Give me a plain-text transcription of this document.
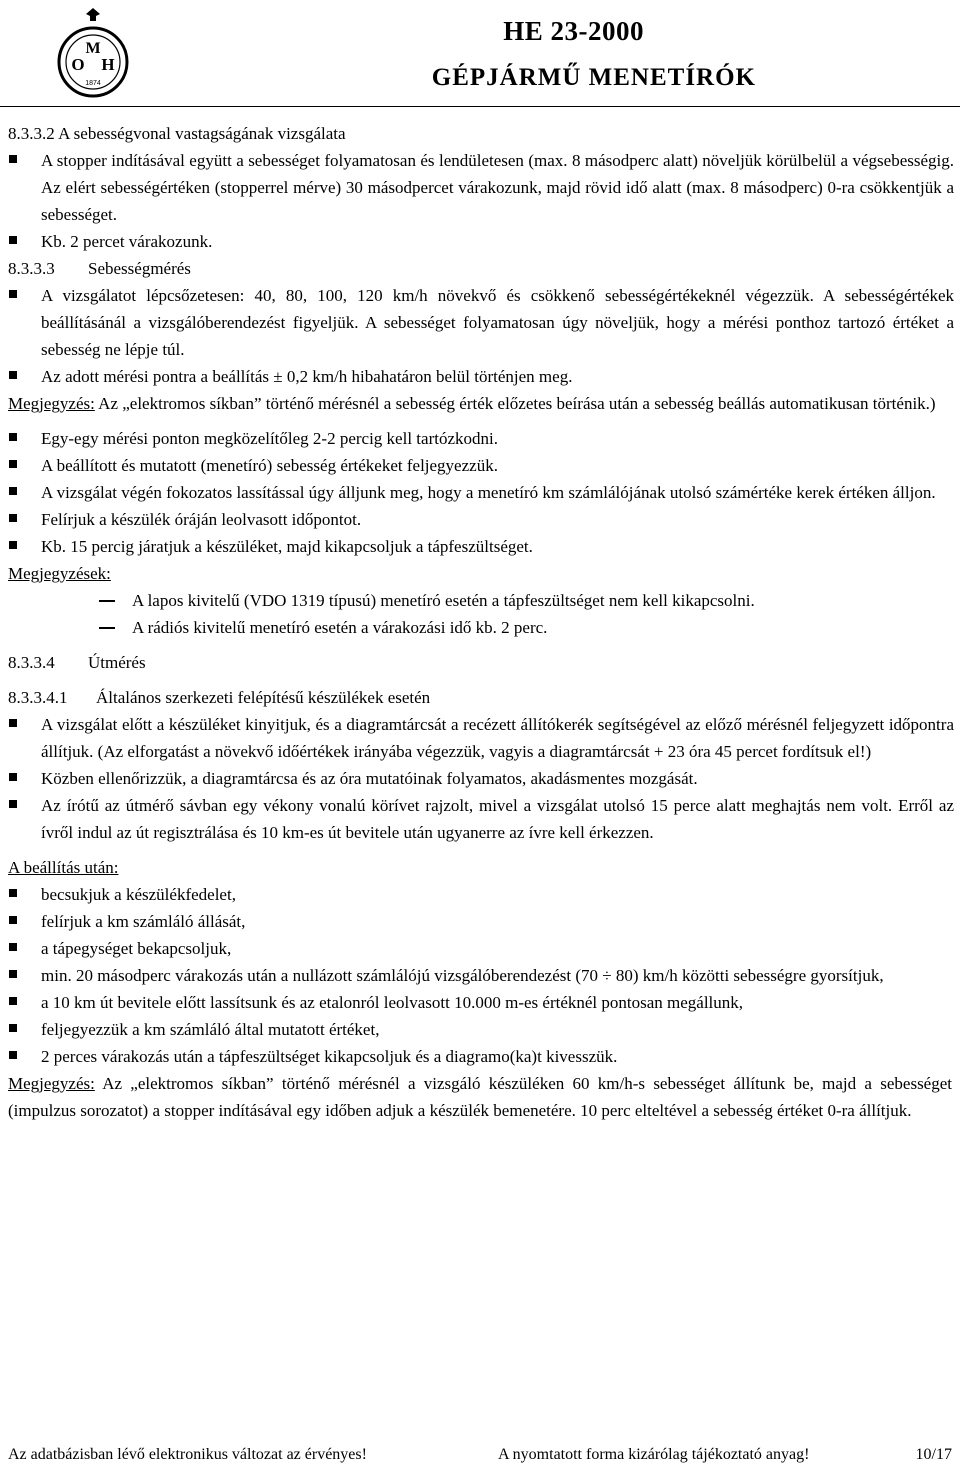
M
O H
1874
HE 23-2000
GÉPJÁRMŰ MENETÍRÓK

8.3.3.2 A sebességvonal vastagságának vizsgálata

A stopper indításával együtt a sebességet folyamatosan és lendületesen (max. 8 másodperc alatt) növeljük körülbelül a végsebességig. Az elért sebességértéken (stopperrel mérve) 30 másodpercet várakozunk, majd rövid idő alatt (max. 8 másodperc) 0-ra csökkentjük a sebességet.

Kb. 2 percet várakozunk.

8.3.3.3 Sebességmérés

A vizsgálatot lépcsőzetesen: 40, 80, 100, 120 km/h növekvő és csökkenő sebességértékeknél végezzük. A sebességértékek beállításánál a vizsgálóberendezést figyeljük. A sebességet folyamatosan úgy növeljük, hogy a mérési ponthoz tartozó értéket a sebesség ne lépje túl.

Az adott mérési pontra a beállítás ± 0,2 km/h hibahatáron belül történjen meg.

Megjegyzés: Az „elektromos síkban” történő mérésnél a sebesség érték előzetes beírása után a sebesség beállás automatikusan történik.)

Egy-egy mérési ponton megközelítőleg 2-2 percig kell tartózkodni.

A beállított és mutatott (menetíró) sebesség értékeket feljegyezzük.

A vizsgálat végén fokozatos lassítással úgy álljunk meg, hogy a menetíró km számlálójának utolsó számértéke kerek értéken álljon.

Felírjuk a készülék óráján leolvasott időpontot.

Kb. 15 percig járatjuk a készüléket, majd kikapcsoljuk a tápfeszültséget.

Megjegyzések:

A lapos kivitelű (VDO 1319 típusú) menetíró esetén a tápfeszültséget nem kell kikapcsolni.

A rádiós kivitelű menetíró esetén a várakozási idő kb. 2 perc.

8.3.3.4 Útmérés

8.3.3.4.1 Általános szerkezeti felépítésű készülékek esetén

A vizsgálat előtt a készüléket kinyitjuk, és a diagramtárcsát a recézett állítókerék segítségével az előző mérésnél feljegyzett időpontra állítjuk. (Az elforgatást a növekvő időértékek irányába végezzük, vagyis a diagramtárcsát + 23 óra 45 percet fordítsuk el!)

Közben ellenőrizzük, a diagramtárcsa és az óra mutatóinak folyamatos, akadásmentes mozgását.

Az írótű az útmérő sávban egy vékony vonalú körívet rajzolt, mivel a vizsgálat utolsó 15 perce alatt meghajtás nem volt. Erről az ívről indul az út regisztrálása és 10 km-es út bevitele után ugyanerre az ívre kell érkezzen.

A beállítás után:

becsukjuk a készülékfedelet,

felírjuk a km számláló állását,

a tápegységet bekapcsoljuk,

min. 20 másodperc várakozás után a nullázott számlálójú vizsgálóberendezést (70 ÷ 80) km/h közötti sebességre gyorsítjuk,

a 10 km út bevitele előtt lassítsunk és az etalonról leolvasott 10.000 m-es értéknél pontosan megállunk,

feljegyezzük a km számláló által mutatott értéket,

2 perces várakozás után a tápfeszültséget kikapcsoljuk és a diagramo(ka)t kivesszük.

Megjegyzés: Az „elektromos síkban” történő mérésnél a vizsgáló készüléken 60 km/h-s sebességet állítunk be, majd a sebességet (impulzus sorozatot) a stopper indításával egy időben adjuk a készülék bemenetére. 10 perc elteltével a sebesség értéket 0-ra állítjuk.

Az adatbázisban lévő elektronikus változat az érvényes!	A nyomtatott forma kizárólag tájékoztató anyag!	10/17
